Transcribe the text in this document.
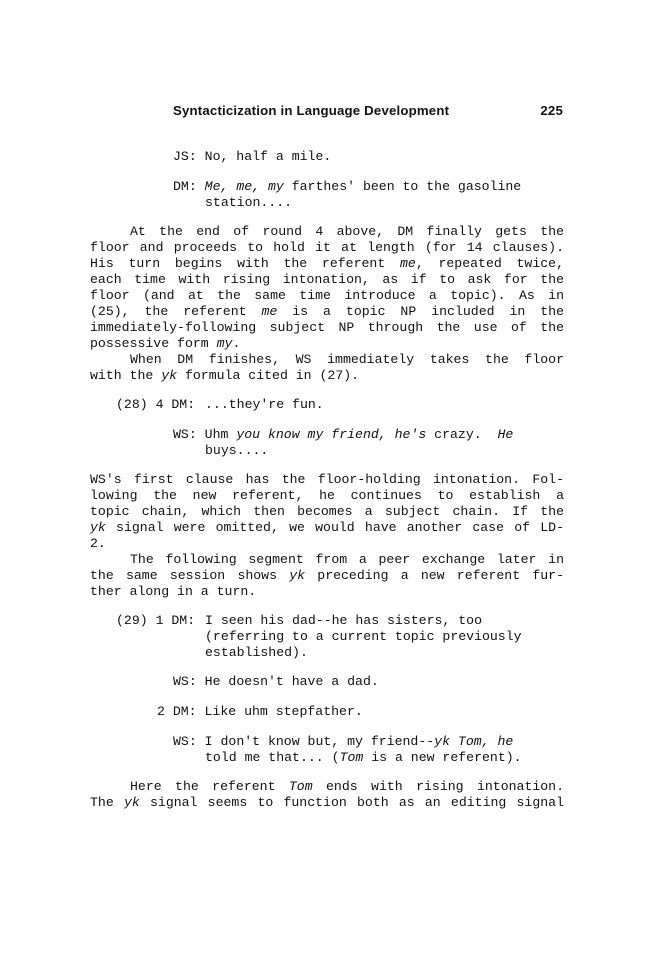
Syntacticization in Language Development	225
JS: No, half a mile.
DM: Me, me, my farthes' been to the gasoline
station....
At the end of round 4 above, DM finally gets the
floor and proceeds to hold it at length (for 14 clauses).
His turn begins with the referent me, repeated twice,
each time with rising intonation, as if to ask for the
floor (and at the same time introduce a topic). As in
(25), the referent me is a topic NP included in the
immediately-following subject NP through the use of the
possessive form my.
When DM finishes, WS immediately takes the floor
with the yk formula cited in (27).
(28) 4 DM: ...they're fun.
WS: Uhm you know my friend, he's crazy.  He
buys....
WS's first clause has the floor-holding intonation. Fol-
lowing the new referent, he continues to establish a
topic chain, which then becomes a subject chain. If the
yk signal were omitted, we would have another case of LD-
2.
The following segment from a peer exchange later in
the same session shows yk preceding a new referent fur-
ther along in a turn.
(29) 1 DM: I seen his dad--he has sisters, too
(referring to a current topic previously
established).
WS: He doesn't have a dad.
2 DM: Like uhm stepfather.
WS: I don't know but, my friend--yk Tom, he
told me that... (Tom is a new referent).
Here the referent Tom ends with rising intonation.
The yk signal seems to function both as an editing signal
